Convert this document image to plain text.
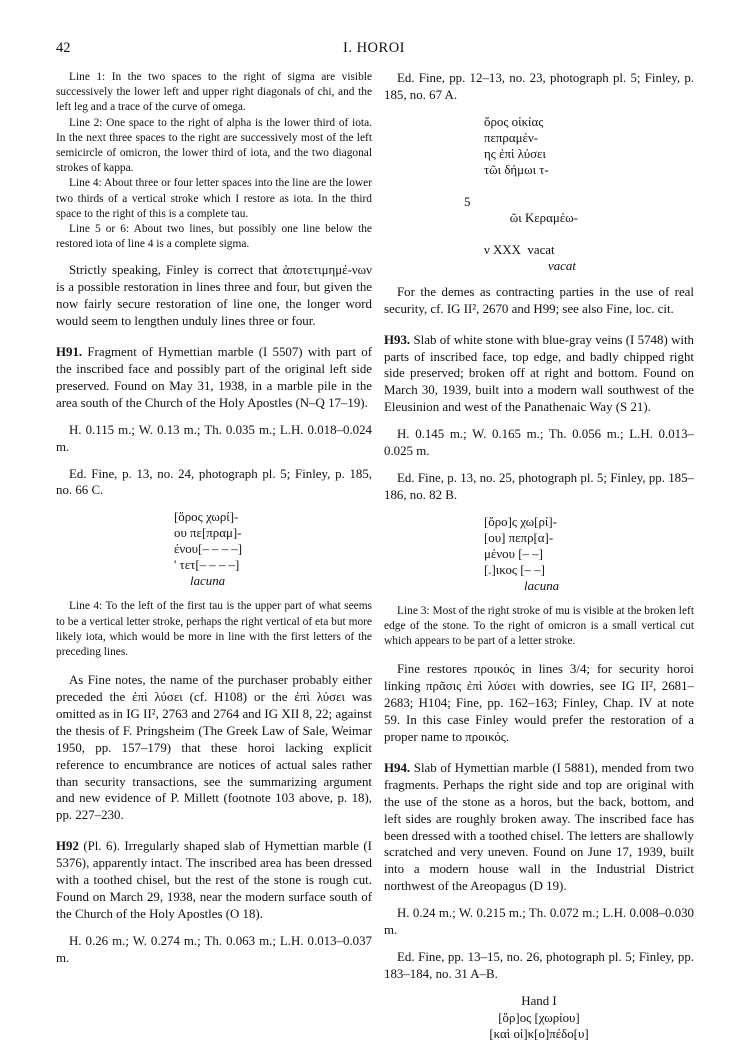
42	I. HOROI

Line 1: In the two spaces to the right of sigma are visible successively the lower left and upper right diagonals of chi, and the left leg and a trace of the curve of omega.

Line 2: One space to the right of alpha is the lower third of iota. In the next three spaces to the right are successively most of the left semicircle of omicron, the lower third of iota, and the two diagonal strokes of kappa.

Line 4: About three or four letter spaces into the line are the lower two thirds of a vertical stroke which I restore as iota. In the third space to the right of this is a complete tau.

Line 5 or 6: About two lines, but possibly one line below the restored iota of line 4 is a complete sigma.

Strictly speaking, Finley is correct that ἀποτετιμημέ-νων is a possible restoration in lines three and four, but given the now fairly secure restoration of line one, the longer word would seem to lengthen unduly lines three or four.

H91. Fragment of Hymettian marble (I 5507) with part of the inscribed face and possibly part of the original left side preserved. Found on May 31, 1938, in a marble pile in the area south of the Church of the Holy Apostles (N–Q 17–19).

H. 0.115 m.; W. 0.13 m.; Th. 0.035 m.; L.H. 0.018–0.024 m.

Ed. Fine, p. 13, no. 24, photograph pl. 5; Finley, p. 185, no. 66 C.

[ὅρος χωρί]-
ου πε[πραμ]-
ένου[– – – –]
' τετ[– – – –]
lacuna

Line 4: To the left of the first tau is the upper part of what seems to be a vertical letter stroke, perhaps the right vertical of eta but more likely iota, which would be more in line with the first letters of the preceding lines.

As Fine notes, the name of the purchaser probably either preceded the ἐπὶ λύσει (cf. H108) or the ἐπὶ λύσει was omitted as in IG II², 2763 and 2764 and IG XII 8, 22; against the thesis of F. Pringsheim (The Greek Law of Sale, Weimar 1950, pp. 157–179) that these horoi lacking explicit reference to encumbrance are notices of actual sales rather than security transactions, see the summarizing argument and new evidence of P. Millett (footnote 103 above, p. 18), pp. 227–230.

H92 (Pl. 6). Irregularly shaped slab of Hymettian marble (I 5376), apparently intact. The inscribed area has been dressed with a toothed chisel, but the rest of the stone is rough cut. Found on March 29, 1938, near the modern surface south of the Church of the Holy Apostles (O 18).

H. 0.26 m.; W. 0.274 m.; Th. 0.063 m.; L.H. 0.013–0.037 m.

Ed. Fine, pp. 12–13, no. 23, photograph pl. 5; Finley, p. 185, no. 67 A.

ὅρος οἰκίας
πεπραμέν-
ης ἐπὶ λύσει
τῶι δήμωι τ-

5

ῶι Κεραμέω-

ν XXX  vacat
vacat

For the demes as contracting parties in the use of real security, cf. IG II², 2670 and H99; see also Fine, loc. cit.

H93. Slab of white stone with blue-gray veins (I 5748) with parts of inscribed face, top edge, and badly chipped right side preserved; broken off at right and bottom. Found on March 30, 1939, built into a modern wall southwest of the Eleusinion and west of the Panathenaic Way (S 21).

H. 0.145 m.; W. 0.165 m.; Th. 0.056 m.; L.H. 0.013–0.025 m.

Ed. Fine, p. 13, no. 25, photograph pl. 5; Finley, pp. 185–186, no. 82 B.

[ὅρο]ς χω[ρί]-
[ου] πεπρ[α]-
μένου [– –]
[.]ικος [– –]
lacuna

Line 3: Most of the right stroke of mu is visible at the broken left edge of the stone. To the right of omicron is a small vertical cut which appears to be part of a letter stroke.

Fine restores προικός in lines 3/4; for security horoi linking πρᾶσις ἐπὶ λύσει with dowries, see IG II², 2681–2683; H104; Fine, pp. 162–163; Finley, Chap. IV at note 59. In this case Finley would prefer the restoration of a proper name to προικός.

H94. Slab of Hymettian marble (I 5881), mended from two fragments. Perhaps the right side and top are original with the use of the stone as a horos, but the back, bottom, and left sides are roughly broken away. The inscribed face has been dressed with a toothed chisel. The letters are shallowly scratched and very uneven. Found on June 17, 1939, built into a modern house wall in the Industrial District northwest of the Areopagus (D 19).

H. 0.24 m.; W. 0.215 m.; Th. 0.072 m.; L.H. 0.008–0.030 m.

Ed. Fine, pp. 13–15, no. 26, photograph pl. 5; Finley, pp. 183–184, no. 31 A–B.

Hand I
[ὅρ]ος [χωρίου]
[καὶ οἰ]κ[ο]πέδο[υ]
